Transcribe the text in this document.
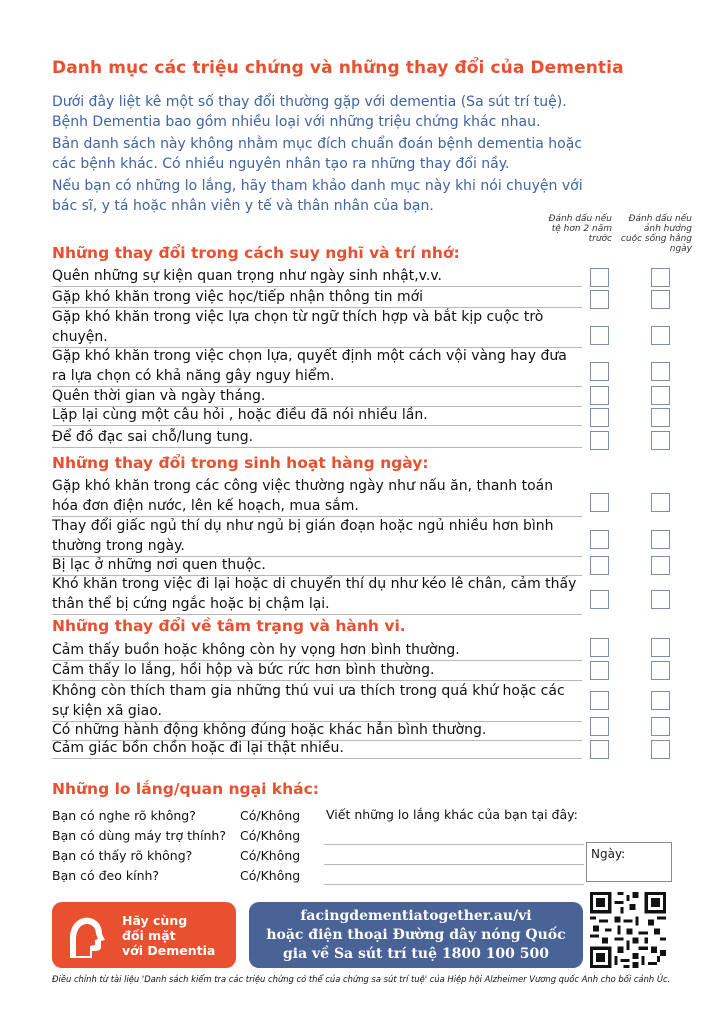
Danh mục các triệu chứng và những thay đổi của Dementia
Dưới đây liệt kê một số thay đổi thường gặp với dementia (Sa sút trí tuệ).
Bệnh Dementia bao gồm nhiều loại với những triệu chứng khác nhau.
Bản danh sách này không nhằm mục đích chuẩn đoán bệnh dementia hoặc
các bệnh khác. Có nhiều nguyên nhân tạo ra những thay đổi nầy.
Nếu bạn có những lo lắng, hãy tham khảo danh mục này khi nói chuyện với
bác sĩ, y tá hoặc nhân viên y tế và thân nhân của bạn.
Đánh dấu nếu tệ hơn 2 năm trước
Đánh dấu nếu ảnh hưởng cuộc sống hằng ngày
Những thay đổi trong cách suy nghĩ và trí nhớ:
Quên những sự kiện quan trọng như ngày sinh nhật,v.v.
Gặp khó khăn trong việc học/tiếp nhận thông tin mới
Gặp khó khăn trong việc lựa chọn từ ngữ thích hợp và bắt kịp cuộc trò chuyện.
Gặp khó khăn trong việc chọn lựa, quyết định một cách vội vàng hay đưa ra lựa chọn có khả năng gây nguy hiểm.
Quên thời gian và ngày tháng.
Lặp lại cùng một câu hỏi , hoặc điều đã nói nhiều lần.
Để đồ đạc sai chỗ/lung tung.
Những thay đổi trong sinh hoạt hàng ngày:
Gặp khó khăn trong các công việc thường ngày như nấu ăn, thanh toán hóa đơn điện nước, lên kế hoạch, mua sắm.
Thay đổi giấc ngủ thí dụ như ngủ bị gián đoạn hoặc ngủ nhiều hơn bình thường trong ngày.
Bị lạc ở những nơi quen thuộc.
Khó khăn trong việc đi lại hoặc di chuyển thí dụ như kéo lê chân, cảm thấy thân thể bị cứng ngắc hoặc bị chậm lại.
Những thay đổi về tâm trạng và hành vi.
Cảm thấy buồn hoặc không còn hy vọng hơn bình thường.
Cảm thấy lo lắng, hồi hộp và bức rức hơn bình thường.
Không còn thích tham gia những thú vui ưa thích trong quá khứ hoặc các sự kiện xã giao.
Có những hành động không đúng hoặc khác hẳn bình thường.
Cảm giác bồn chồn hoặc đi lại thật nhiều.
Những lo lắng/quan ngại khác:
Bạn có nghe rõ không?	Có/Không
Bạn có dùng máy trợ thính? Có/Không
Bạn có thấy rõ không?	Có/Không
Bạn có đeo kính?	Có/Không
Viết những lo lắng khác của bạn tại đây:
Ngày:
Hãy cùng
đối mặt
với Dementia
facingdementiatogether.au/vi
hoặc điện thoại Đường dây nóng Quốc
gia về Sa sút trí tuệ 1800 100 500
Điều chỉnh từ tài liệu 'Danh sách kiểm tra các triệu chứng có thể của chứng sa sút trí tuệ' của Hiệp hội Alzheimer Vương quốc Anh cho bối cảnh Úc.
